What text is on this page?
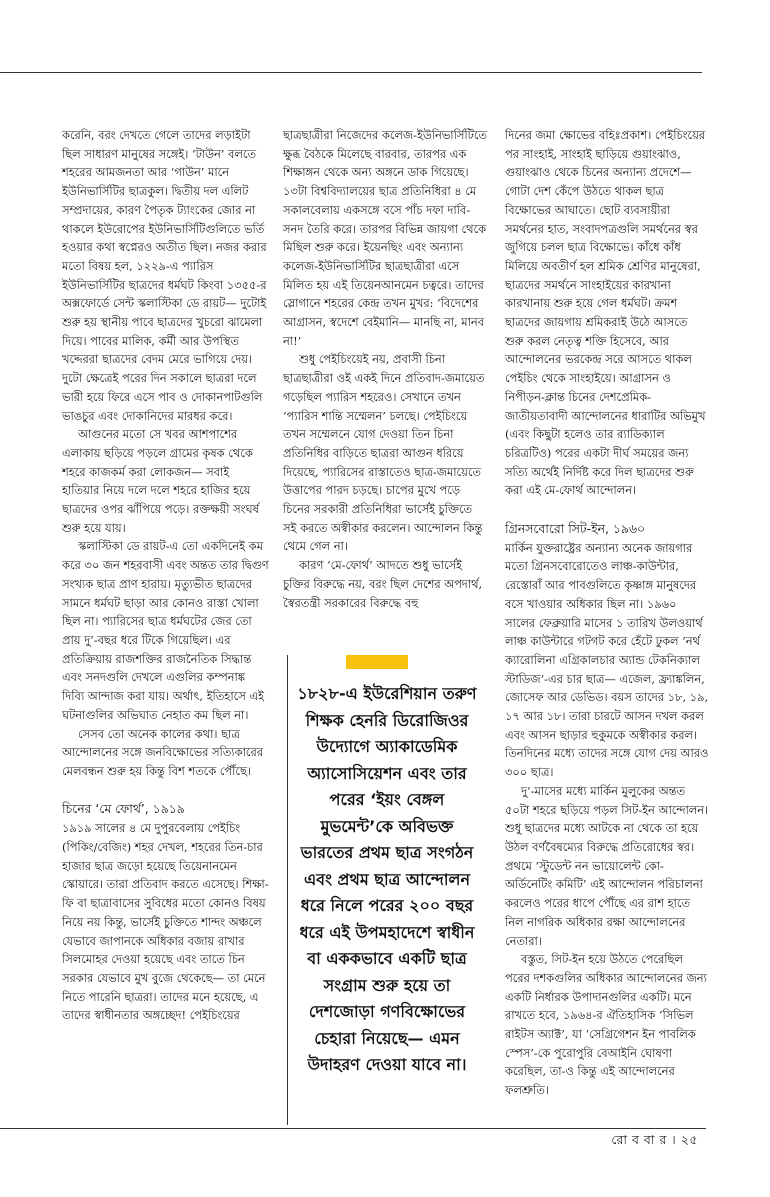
করেনি, বরং দেখতে গেলে তাদের লড়াইটা ছিল সাধারণ মানুষের সঙ্গেই। ‘টাউন’ বলতে শহরের আমজনতা আর ‘গাউন’ মানে ইউনিভার্সিটির ছাত্রকুল। দ্বিতীয় দল এলিট সম্প্রদায়ের, কারণ পৈতৃক ট্যাংকের জোর না থাকলে ইউরোপের ইউনিভার্সিটিগুলিতে ভর্তি হওয়ার কথা স্বপ্নেরও অতীত ছিল। নজর করার মতো বিষয় হল, ১২২৯-এ প্যারিস ইউনিভার্সিটির ছাত্রদের ধর্মঘট কিংবা ১৩৫৫-র অক্সফোর্ডে সেন্ট স্কলাস্টিকা ডে রায়ট— দুটোই শুরু হয় স্থানীয় পাবে ছাত্রদের খুচরো ঝামেলা দিয়ে। পাবের মালিক, কর্মী আর উপস্থিত খদ্দেররা ছাত্রদের বেদম মেরে ভাগিয়ে দেয়। দুটো ক্ষেত্রেই পরের দিন সকালে ছাত্ররা দলে ভারী হয়ে ফিরে এসে পাব ও দোকানপাটগুলি ভাঙচুর এবং দোকানিদের মারধর করে।

আগুনের মতো সে খবর আশপাশের এলাকায় ছড়িয়ে পড়লে গ্রামের কৃষক থেকে শহরে কাজকর্ম করা লোকজন— সবাই হাতিয়ার নিয়ে দলে দলে শহরে হাজির হয়ে ছাত্রদের ওপর ঝাঁপিয়ে পড়ে। রক্তক্ষয়ী সংঘর্ষ শুরু হয়ে যায়।

স্কলাস্টিকা ডে রায়ট-এ তো একদিনেই কম করে ৩০ জন শহরবাসী এবং অন্তত তার দ্বিগুণ সংখ্যক ছাত্র প্রাণ হারায়। মৃত্যুভীত ছাত্রদের সামনে ধর্মঘট ছাড়া আর কোনও রাস্তা খোলা ছিল না। প্যারিসের ছাত্র ধর্মঘটের জের তো প্রায় দু’-বছর ধরে টিকে গিয়েছিল। এর প্রতিক্রিয়ায় রাজশক্তির রাজনৈতিক সিদ্ধান্ত এবং সনদগুলি দেখলে এগুলির কম্পনাঙ্ক দিব্যি আন্দাজ করা যায়। অর্থাৎ, ইতিহাসে এই ঘটনাগুলির অভিঘাত নেহাত কম ছিল না।

সেসব তো অনেক কালের কথা। ছাত্র আন্দোলনের সঙ্গে জনবিক্ষোভের সত্যিকারের মেলবন্ধন শুরু হয় কিন্তু বিশ শতকে পৌঁছে।

চিনের ‘মে ফোর্থ’, ১৯১৯

১৯১৯ সালের ৪ মে দুপুরবেলায় পেইচিং (পিকিং/বেজিং) শহর দেখল, শহরের তিন-চার হাজার ছাত্র জড়ো হয়েছে তিয়েনানমেন স্কোয়ারে। তারা প্রতিবাদ করতে এসেছে। শিক্ষা-ফি বা ছাত্রাবাসের সুবিধের মতো কোনও বিষয় নিয়ে নয় কিন্তু, ভার্সেই চুক্তিতে শান্দং অঞ্চলে যেভাবে জাপানকে অধিকার বজায় রাখার সিলমোহর দেওয়া হয়েছে এবং তাতে চিন সরকার যেভাবে মুখ বুজে থেকেছে— তা মেনে নিতে পারেনি ছাত্ররা। তাদের মনে হয়েছে, এ তাদের স্বাধীনতার অঙ্গচ্ছেদ! পেইচিংয়ের

ছাত্রছাত্রীরা নিজেদের কলেজ-ইউনিভার্সিটিতে ক্ষুব্ধ বৈঠকে মিলেছে বারবার, তারপর এক শিক্ষাঙ্গন থেকে অন্য অঙ্গনে ডাক গিয়েছে। ১৩টা বিশ্ববিদ্যালয়ের ছাত্র প্রতিনিধিরা ৪ মে সকালবেলায় একসঙ্গে বসে পাঁচ দফা দাবি-সনদ তৈরি করে। তারপর বিভিন্ন জায়গা থেকে মিছিল শুরু করে। ইয়েনছিং এবং অন্যান্য কলেজ-ইউনিভার্সিটির ছাত্রছাত্রীরা এসে মিলিত হয় এই তিয়েনআনমেন চত্বরে। তাদের স্লোগানে শহরের কেন্দ্র তখন মুখর: ‘বিদেশের আগ্রাসন, স্বদেশে বেইমানি— মানছি না, মানব না!’

শুধু পেইচিংয়েই নয়, প্রবাসী চিনা ছাত্রছাত্রীরা ওই একই দিনে প্রতিবাদ-জমায়েত গড়েছিল প্যারিস শহরেও। সেখানে তখন ‘প্যারিস শান্তি সম্মেলন’ চলছে। পেইচিংয়ে তখন সম্মেলনে যোগ দেওয়া তিন চিনা প্রতিনিধির বাড়িতে ছাত্ররা আগুন ধরিয়ে দিয়েছে, প্যারিসের রাস্তাতেও ছাত্র-জমায়েতে উত্তাপের পারদ চড়ছে। চাপের মুখে পড়ে চিনের সরকারী প্রতিনিধিরা ভার্সেই চুক্তিতে সই করতে অস্বীকার করলেন। আন্দোলন কিন্তু থেমে গেল না।

কারণ ‘মে-ফোর্থ’ আদতে শুধু ভার্সেই চুক্তির বিরুদ্ধে নয়, বরং ছিল দেশের অপদার্থ, স্বৈরতন্ত্রী সরকারের বিরুদ্ধে বহু

১৮২৮-এ ইউরেশিয়ান তরুণ শিক্ষক হেনরি ডিরোজিওর উদ্যোগে অ্যাকাডেমিক অ্যাসোসিয়েশন এবং তার পরের ‘ইয়ং বেঙ্গল মুভমেন্ট’কে অবিভক্ত ভারতের প্রথম ছাত্র সংগঠন এবং প্রথম ছাত্র আন্দোলন ধরে নিলে পরের ২০০ বছর ধরে এই উপমহাদেশে স্বাধীন বা এককভাবে একটি ছাত্র সংগ্রাম শুরু হয়ে তা দেশজোড়া গণবিক্ষোভের চেহারা নিয়েছে— এমন উদাহরণ দেওয়া যাবে না।

দিনের জমা ক্ষোভের বহিঃপ্রকাশ। পেইচিংয়ের পর সাংহাই, সাংহাই ছাড়িয়ে গুয়াংঝাও, গুয়াংঝাও থেকে চিনের অন্যান্য প্রদেশে— গোটা দেশ কেঁপে উঠতে থাকল ছাত্র বিক্ষোভের আঘাতে। ছোট ব্যবসায়ীরা সমর্থনের হাত, সংবাদপত্রগুলি সমর্থনের স্বর জুগিয়ে চলল ছাত্র বিক্ষোভে। কাঁধে কাঁধ মিলিয়ে অবতীর্ণ হল শ্রমিক শ্রেণির মানুষেরা, ছাত্রদের সমর্থনে সাংহাইয়ের কারখানা কারখানায় শুরু হয়ে গেল ধর্মঘট। ক্রমশ ছাত্রদের জায়গায় শ্রমিকরাই উঠে আসতে শুরু করল নেতৃত্ব শক্তি হিসেবে, আর আন্দোলনের ভরকেন্দ্র সরে আসতে থাকল পেইচিং থেকে সাংহাইয়ে। আগ্রাসন ও নিপীড়ন-ক্লান্ত চিনের দেশপ্রেমিক-জাতীয়তাবাদী আন্দোলনের ধারাটির অভিমুখ (এবং কিছুটা হলেও তার র‍্যাডিক্যাল চরিত্রটিও) পরের একটা দীর্ঘ সময়ের জন্য সত্যি অর্থেই নির্দিষ্ট করে দিল ছাত্রদের শুরু করা এই মে-ফোর্থ আন্দোলন।

গ্রিনসবোরো সিট-ইন, ১৯৬০

মার্কিন যুক্তরাষ্ট্রের অন্যান্য অনেক জায়গার মতো গ্রিনসবোরোতেও লাঞ্চ-কাউন্টার, রেস্তোরাঁ আর পাবগুলিতে কৃষ্ণাঙ্গ মানুষদের বসে খাওয়ার অধিকার ছিল না। ১৯৬০ সালের ফেব্রুয়ারি মাসের ১ তারিখ উলওয়ার্থ লাঞ্চ কাউন্টারে গটগট করে হেঁটে ঢুকল ‘নর্থ ক্যারোলিনা এগ্রিকালচার অ্যান্ড টেকনিক্যাল স্টাডিজ’-এর চার ছাত্র— এজেল, ফ্র্যাঙ্কলিন, জোসেফ আর ডেভিড। বয়স তাদের ১৮, ১৯, ১৭ আর ১৮। তারা চারটে আসন দখল করল এবং আসন ছাড়ার হুকুমকে অস্বীকার করল। তিনদিনের মধ্যে তাদের সঙ্গে যোগ দেয় আরও ৩০০ ছাত্র।

দু’-মাসের মধ্যে মার্কিন মুলুকের অন্তত ৫০টা শহরে ছড়িয়ে পড়ল সিট-ইন আন্দোলন। শুধু ছাত্রদের মধ্যে আটকে না থেকে তা হয়ে উঠল বর্ণবৈষম্যের বিরুদ্ধে প্রতিরোধের স্বর। প্রথমে ‘স্টুডেন্ট নন ভায়োলেন্ট কো-অর্ডিনেটিং কমিটি’ এই আন্দোলন পরিচালনা করলেও পরের ধাপে পৌঁছে এর রাশ হাতে নিল নাগরিক অধিকার রক্ষা আন্দোলনের নেতারা।

বস্তুত, সিট-ইন হয়ে উঠতে পেরেছিল পরের দশকগুলির অধিকার আন্দোলনের জন্য একটি নির্ধারক উপাদানগুলির একটি। মনে রাখতে হবে, ১৯৬৪-র ঐতিহাসিক ‘সিভিল রাইটস অ্যাক্ট’, যা ‘সেগ্রিগেশন ইন পাবলিক স্পেস’-কে পুরোপুরি বেআইনি ঘোষণা করেছিল, তা-ও কিন্তু এই আন্দোলনের ফলশ্রুতি।

রো ব বা র । ২৫
